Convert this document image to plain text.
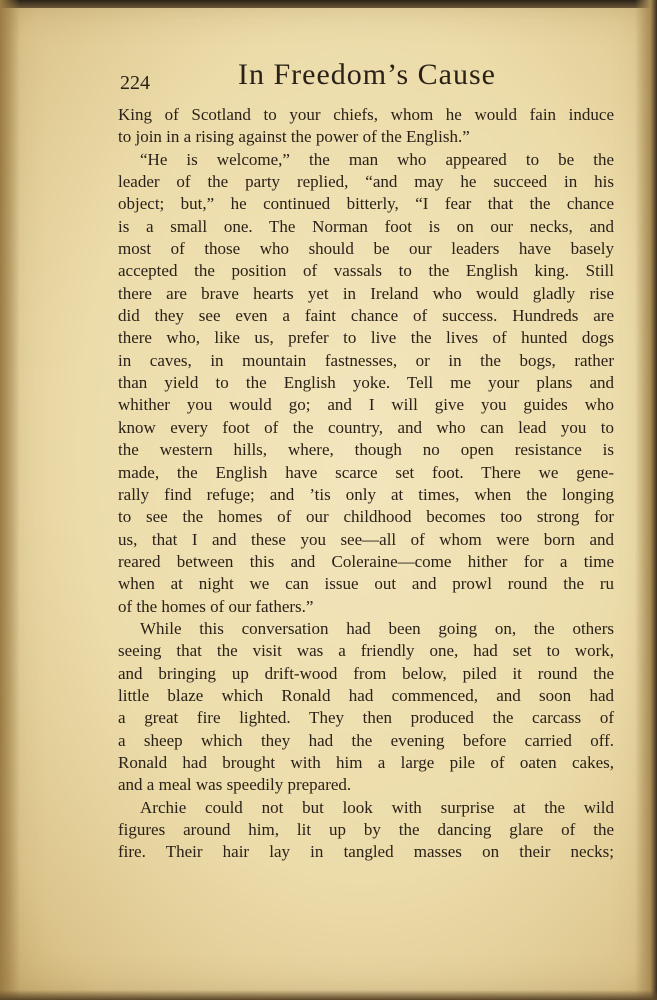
224	In Freedom’s Cause
King of Scotland to your chiefs, whom he would fain induce
to join in a rising against the power of the English.”
“He is welcome,” the man who appeared to be the
leader of the party replied, “and may he succeed in his
object; but,” he continued bitterly, “I fear that the chance
is a small one. The Norman foot is on our necks, and
most of those who should be our leaders have basely
accepted the position of vassals to the English king. Still
there are brave hearts yet in Ireland who would gladly rise
did they see even a faint chance of success. Hundreds are
there who, like us, prefer to live the lives of hunted dogs
in caves, in mountain fastnesses, or in the bogs, rather
than yield to the English yoke. Tell me your plans and
whither you would go; and I will give you guides who
know every foot of the country, and who can lead you to
the western hills, where, though no open resistance is
made, the English have scarce set foot. There we gene-
rally find refuge; and ’tis only at times, when the longing
to see the homes of our childhood becomes too strong for
us, that I and these you see—all of whom were born and
reared between this and Coleraine—come hither for a time
when at night we can issue out and prowl round the ru
of the homes of our fathers.”
While this conversation had been going on, the others
seeing that the visit was a friendly one, had set to work,
and bringing up drift-wood from below, piled it round the
little blaze which Ronald had commenced, and soon had
a great fire lighted. They then produced the carcass of
a sheep which they had the evening before carried off.
Ronald had brought with him a large pile of oaten cakes,
and a meal was speedily prepared.
Archie could not but look with surprise at the wild
figures around him, lit up by the dancing glare of the
fire. Their hair lay in tangled masses on their necks;
